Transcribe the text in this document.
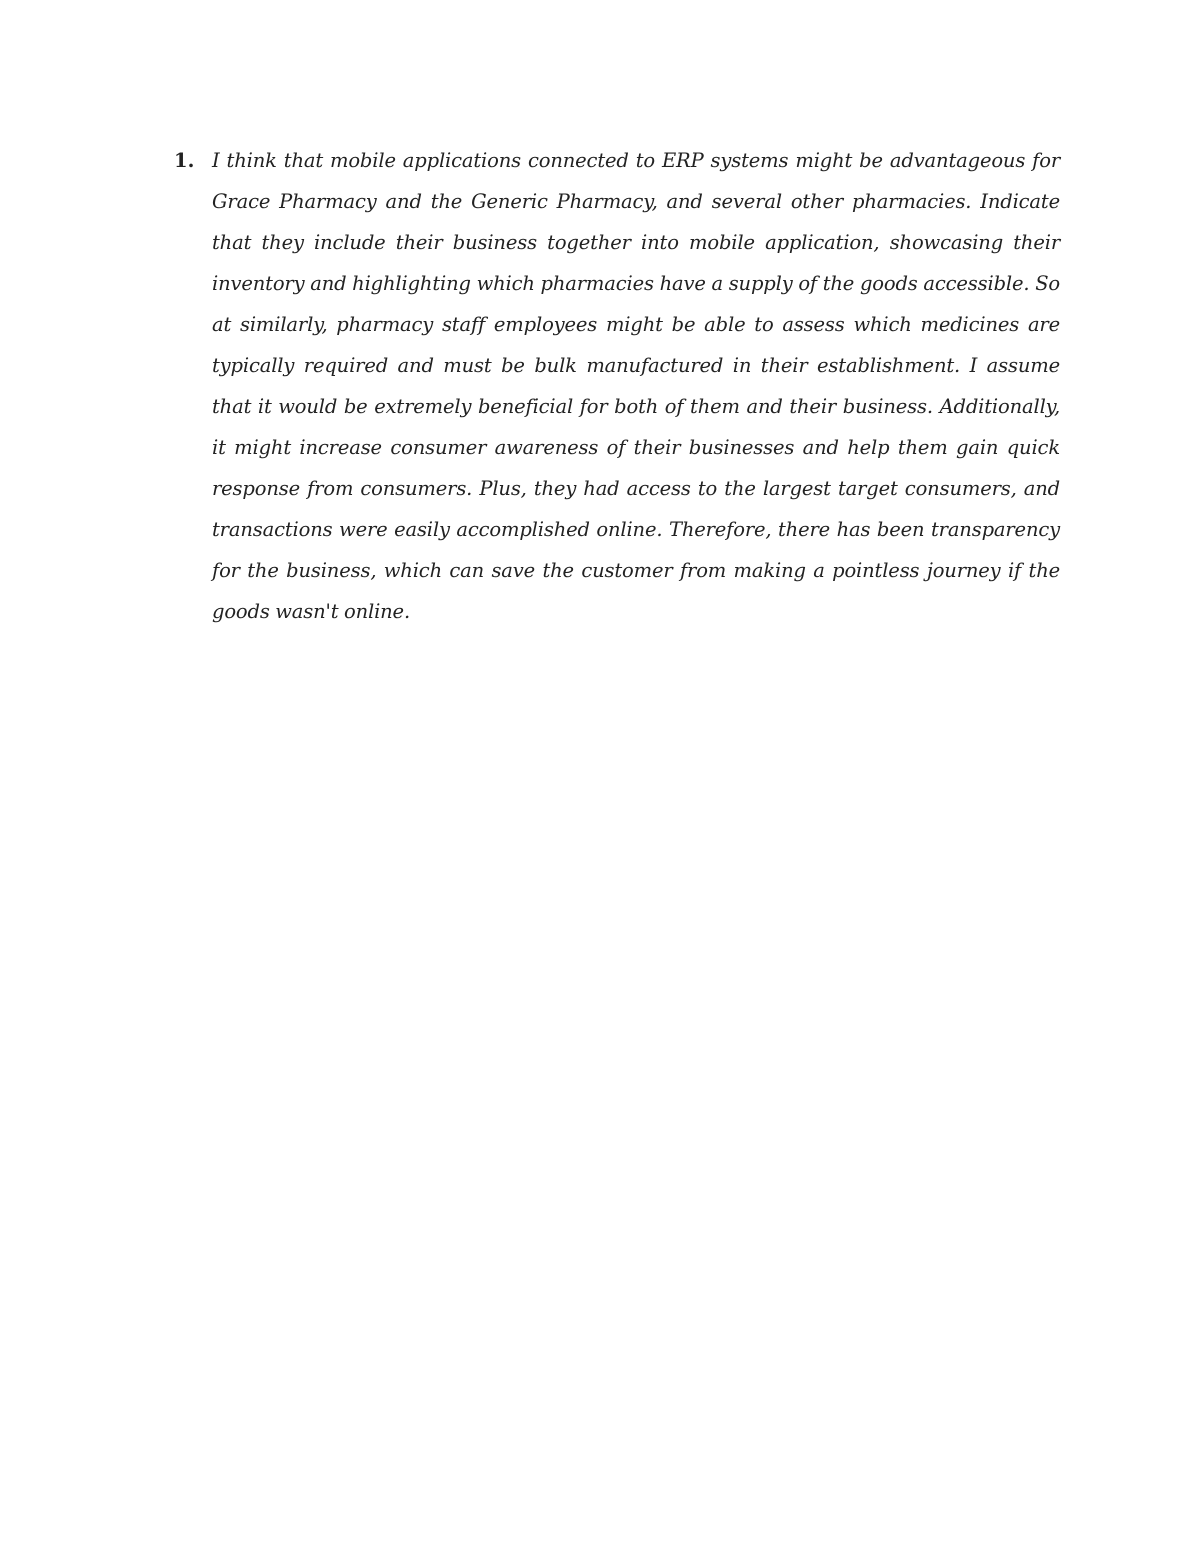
1. I think that mobile applications connected to ERP systems might be advantageous for Grace Pharmacy and the Generic Pharmacy, and several other pharmacies. Indicate that they include their business together into mobile application, showcasing their inventory and highlighting which pharmacies have a supply of the goods accessible. So at similarly, pharmacy staff employees might be able to assess which medicines are typically required and must be bulk manufactured in their establishment. I assume that it would be extremely beneficial for both of them and their business. Additionally, it might increase consumer awareness of their businesses and help them gain quick response from consumers. Plus, they had access to the largest target consumers, and transactions were easily accomplished online. Therefore, there has been transparency for the business, which can save the customer from making a pointless journey if the goods wasn't online.
